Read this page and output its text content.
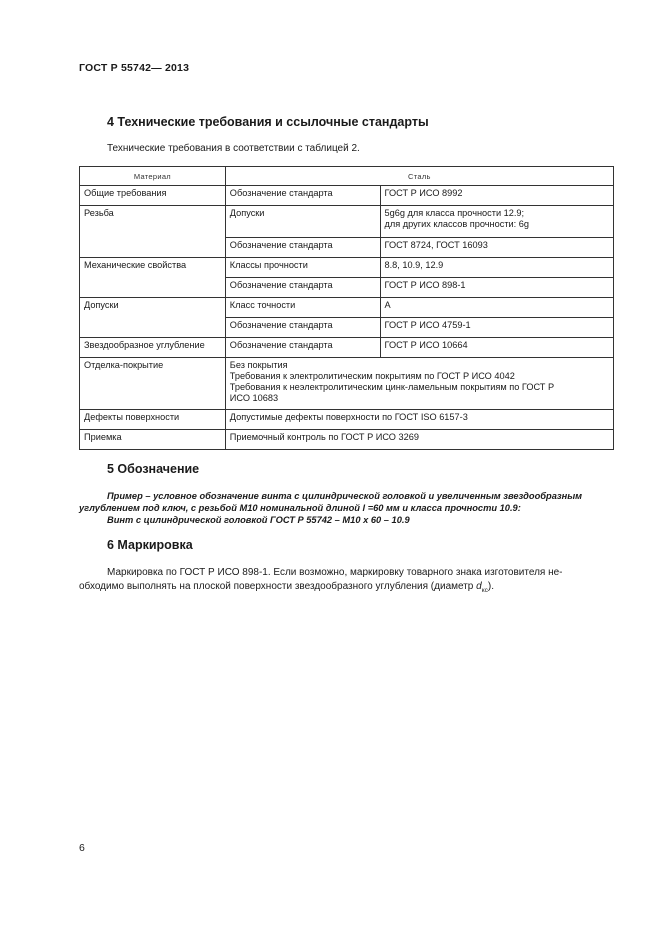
ГОСТ Р 55742— 2013
4 Технические требования и ссылочные стандарты
Технические требования в соответствии с таблицей 2.
Материал	Сталь	
Общие требования	Обозначение стандарта	ГОСТ Р ИСО 8992
Резьба	Допуски	5g6g для класса прочности 12.9;
для других классов прочности: 6g

	Обозначение стандарта	ГОСТ 8724, ГОСТ 16093
Механические свойства	Классы прочности	8.8, 10.9, 12.9
	Обозначение стандарта	ГОСТ Р ИСО 898-1
Допуски	Класс точности	A
	Обозначение стандарта	ГОСТ Р ИСО 4759-1
Звездообразное углубление	Обозначение стандарта	ГОСТ Р ИСО 10664
Отделка-покрытие	Без покрытия
Требования к электролитическим покрытиям по ГОСТ Р ИСО 4042
Требования к неэлектролитическим цинк-ламельным покрытиям по ГОСТ Р
ИСО 10683	

Дефекты поверхности	Допустимые дефекты поверхности по ГОСТ ISO 6157-3	
Приемка	Приемочный контроль по ГОСТ Р ИСО 3269	
5 Обозначение
Пример – условное обозначение винта с цилиндрической головкой и увеличенным звездообразным
углублением под ключ, с резьбой М10 номинальной длиной l =60 мм и класса прочности 10.9:
Винт с цилиндрической головкой ГОСТ Р 55742 – М10 х 60 – 10.9
6 Маркировка
Маркировка по ГОСТ Р ИСО 898-1. Если возможно, маркировку товарного знака изготовителя не-
обходимо выполнять на плоской поверхности звездообразного углубления (диаметр $d_{кс}$).
6
